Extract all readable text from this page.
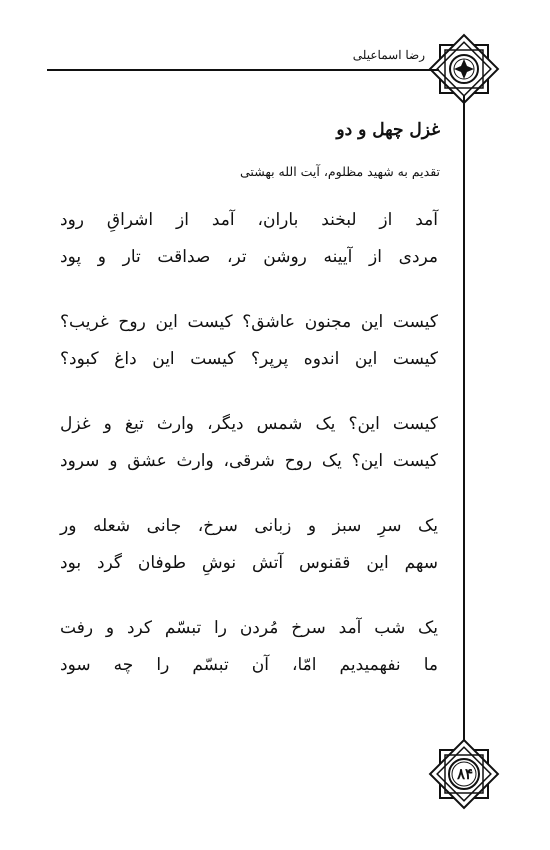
رضا اسماعیلی
غزل چهل و دو
تقدیم به شهید مظلوم، آیت الله بهشتی
آمد از لبخند باران، آمد از اشراقِ رود
مردی از آیینه روشن تر، صداقت تار و پود
کیست این مجنون عاشق؟ کیست این روح غریب؟
کیست این اندوه پرپر؟ کیست این داغ کبود؟
کیست این؟ یک شمس دیگر، وارث تیغ و غزل
کیست این؟ یک روح شرقی، وارث عشق و سرود
یک سرِ سبز و زبانی سرخ، جانی شعله ور
سهم این ققنوس آتش نوشِ طوفان گرد بود
یک شب آمد سرخ مُردن را تبسّم کرد و رفت
ما نفهمیدیم امّا، آن تبسّم را چه سود
۸۴
